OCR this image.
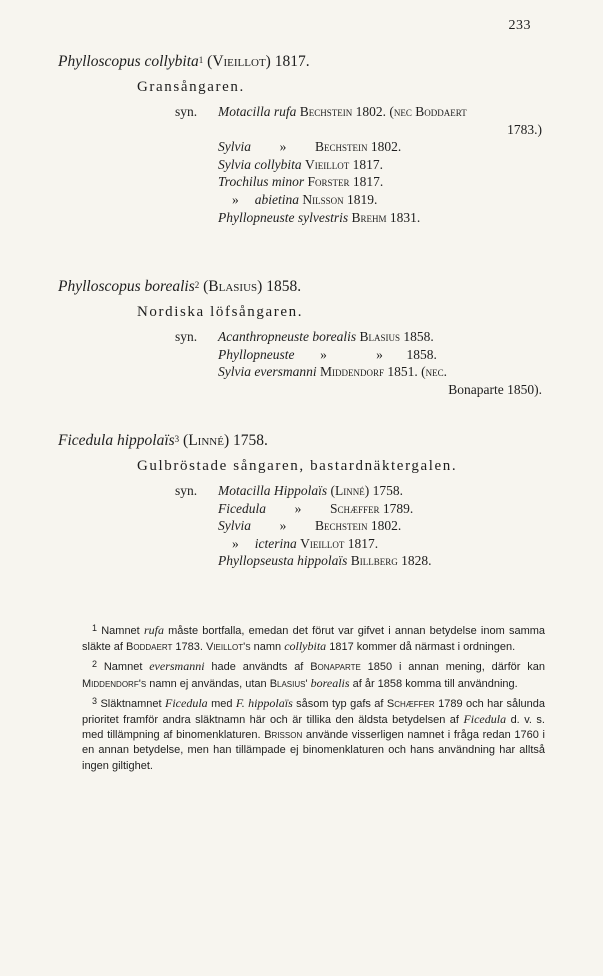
233
Phylloscopus collybita$^1$ (Vieillot) 1817.
Gransångaren.
syn. Motacilla rufa Bechstein 1802. (nec Boddaert
1783.)
Sylvia » Bechstein 1802.
Sylvia collybita Vieillot 1817.
Trochilus minor Forster 1817.
» abietina Nilsson 1819.
Phyllopneuste sylvestris Brehm 1831.
Phylloscopus borealis$^2$ (Blasius) 1858.
Nordiska löfsångaren.
syn. Acanthropneuste borealis Blasius 1858.
Phyllopneuste »	» 1858.
Sylvia eversmanni Middendorf 1851. (nec.
Bonaparte 1850).
Ficedula hippolaïs$^3$ (Linné) 1758.
Gulbröstade sångaren, bastardnäktergalen.
syn. Motacilla Hippolaïs (Linné) 1758.
Ficedula » Schæffer 1789.
Sylvia » Bechstein 1802.
» icterina Vieillot 1817.
Phyllopseusta hippolaïs Billberg 1828.
$^1$ Namnet rufa måste bortfalla, emedan det förut var gifvet i annan betydelse inom samma släkte af Boddaert 1783. Vieillot's namn collybita 1817 kommer då närmast i ordningen.
$^2$ Namnet eversmanni hade användts af Bonaparte 1850 i annan mening, därför kan Middendorf's namn ej användas, utan Blasius' borealis af år 1858 komma till användning.
$^3$ Släktnamnet Ficedula med F. hippolaïs såsom typ gafs af Schæffer 1789 och har sålunda prioritet framför andra släktnamn här och är tillika den äldsta betydelsen af Ficedula d. v. s. med tillämpning af binomenklaturen. Brisson använde visserligen namnet i fråga redan 1760 i en annan betydelse, men han tillämpade ej binomenklaturen och hans användning har alltså ingen giltighet.
